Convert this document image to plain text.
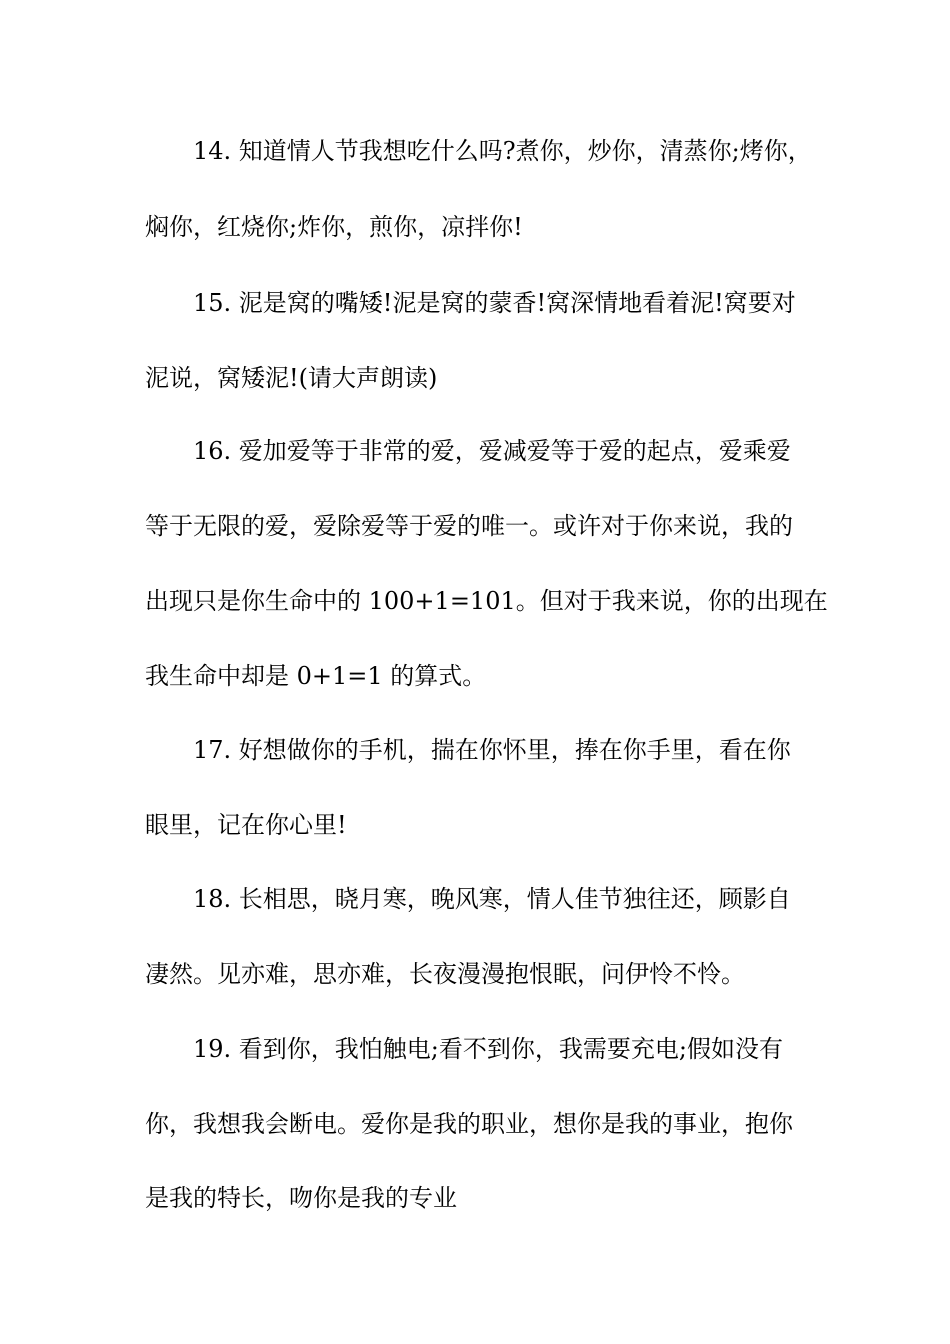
14. 知道情人节我想吃什么吗?煮你，炒你，清蒸你;烤你，
焖你，红烧你;炸你，煎你，凉拌你!
15. 泥是窝的嘴矮!泥是窝的蒙香!窝深情地看着泥!窝要对
泥说，窝矮泥!(请大声朗读)
16. 爱加爱等于非常的爱，爱减爱等于爱的起点，爱乘爱
等于无限的爱，爱除爱等于爱的唯一。或许对于你来说，我的
出现只是你生命中的 100+1=101。但对于我来说，你的出现在
我生命中却是 0+1=1 的算式。
17. 好想做你的手机，揣在你怀里，捧在你手里，看在你
眼里，记在你心里!
18. 长相思，晓月寒，晚风寒，情人佳节独往还，顾影自
凄然。见亦难，思亦难，长夜漫漫抱恨眠，问伊怜不怜。
19. 看到你，我怕触电;看不到你，我需要充电;假如没有
你，我想我会断电。爱你是我的职业，想你是我的事业，抱你
是我的特长，吻你是我的专业
